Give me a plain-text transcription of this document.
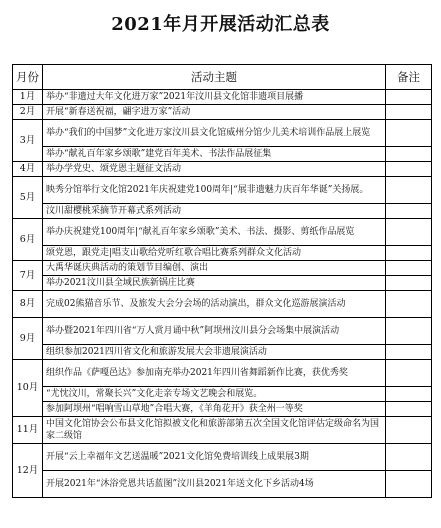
2021年月开展活动汇总表
月份	活动主题	备注
1月	举办“非遗过大年文化进万家”2021年汶川县文化馆非遗项目展播	
2月	开展“新春送祝福，翩字进万家”活动	
3月	举办“我们的中国梦”文化进万家汶川县文化馆威州分馆少儿美术培训作品展上展览	
	举办“献礼百年家乡颂歌”建党百年美术、书法作品展征集	
4月	举办学党史、颂党恩主题征文活动	
5月	映秀分馆举行文化馆2021年庆祝建党100周年|“展非遗魅力庆百年华诞”关扬展。	
	汶川甜樱桃采摘节开幕式系列活动	
6月	举办庆祝建党100周年|“献礼百年家乡颂歌”美术、书法、摄影、剪纸作品展览	
	颂党恩，跟党走|唱支山歌给党听红歌合唱比赛系列群众文化活动	
7月	大禹华诞庆典活动的策划节目编创、演出	
	举办2021汶川县全域民族新锅庄比赛	
8月	完成02熊猫音乐节、及旅发大会分会场的活动演出，群众文化巡游展演活动	
9月	举办暨2021年四川省“万人赏月诵中秋”阿坝州汶川县分会场集中展演活动	
	组织参加2021四川省文化和旅游发展大会非遗展演活动	
10月	组织作品《萨嘎邑达》参加南充举办2021年四川省舞蹈新作比赛，获优秀奖	
	“尤忱汶川，常聚长兴”文化走亲专场文艺晚会和展览。	
	参加阿坝州“唱响雪山草地”合唱大赛，《羊角花开》获全州一等奖	
11月	中国文化馆协会公布县文化馆拟被文化和旅游部第五次全国文化馆评估定级命名为国家二级馆	
12月	开展“云上幸福年文艺送温暖”2021文化馆免费培训线上成果展3期	
	开展2021年“沐浴党恩共话蓝图”汶川县2021年送文化下乡活动4场	
